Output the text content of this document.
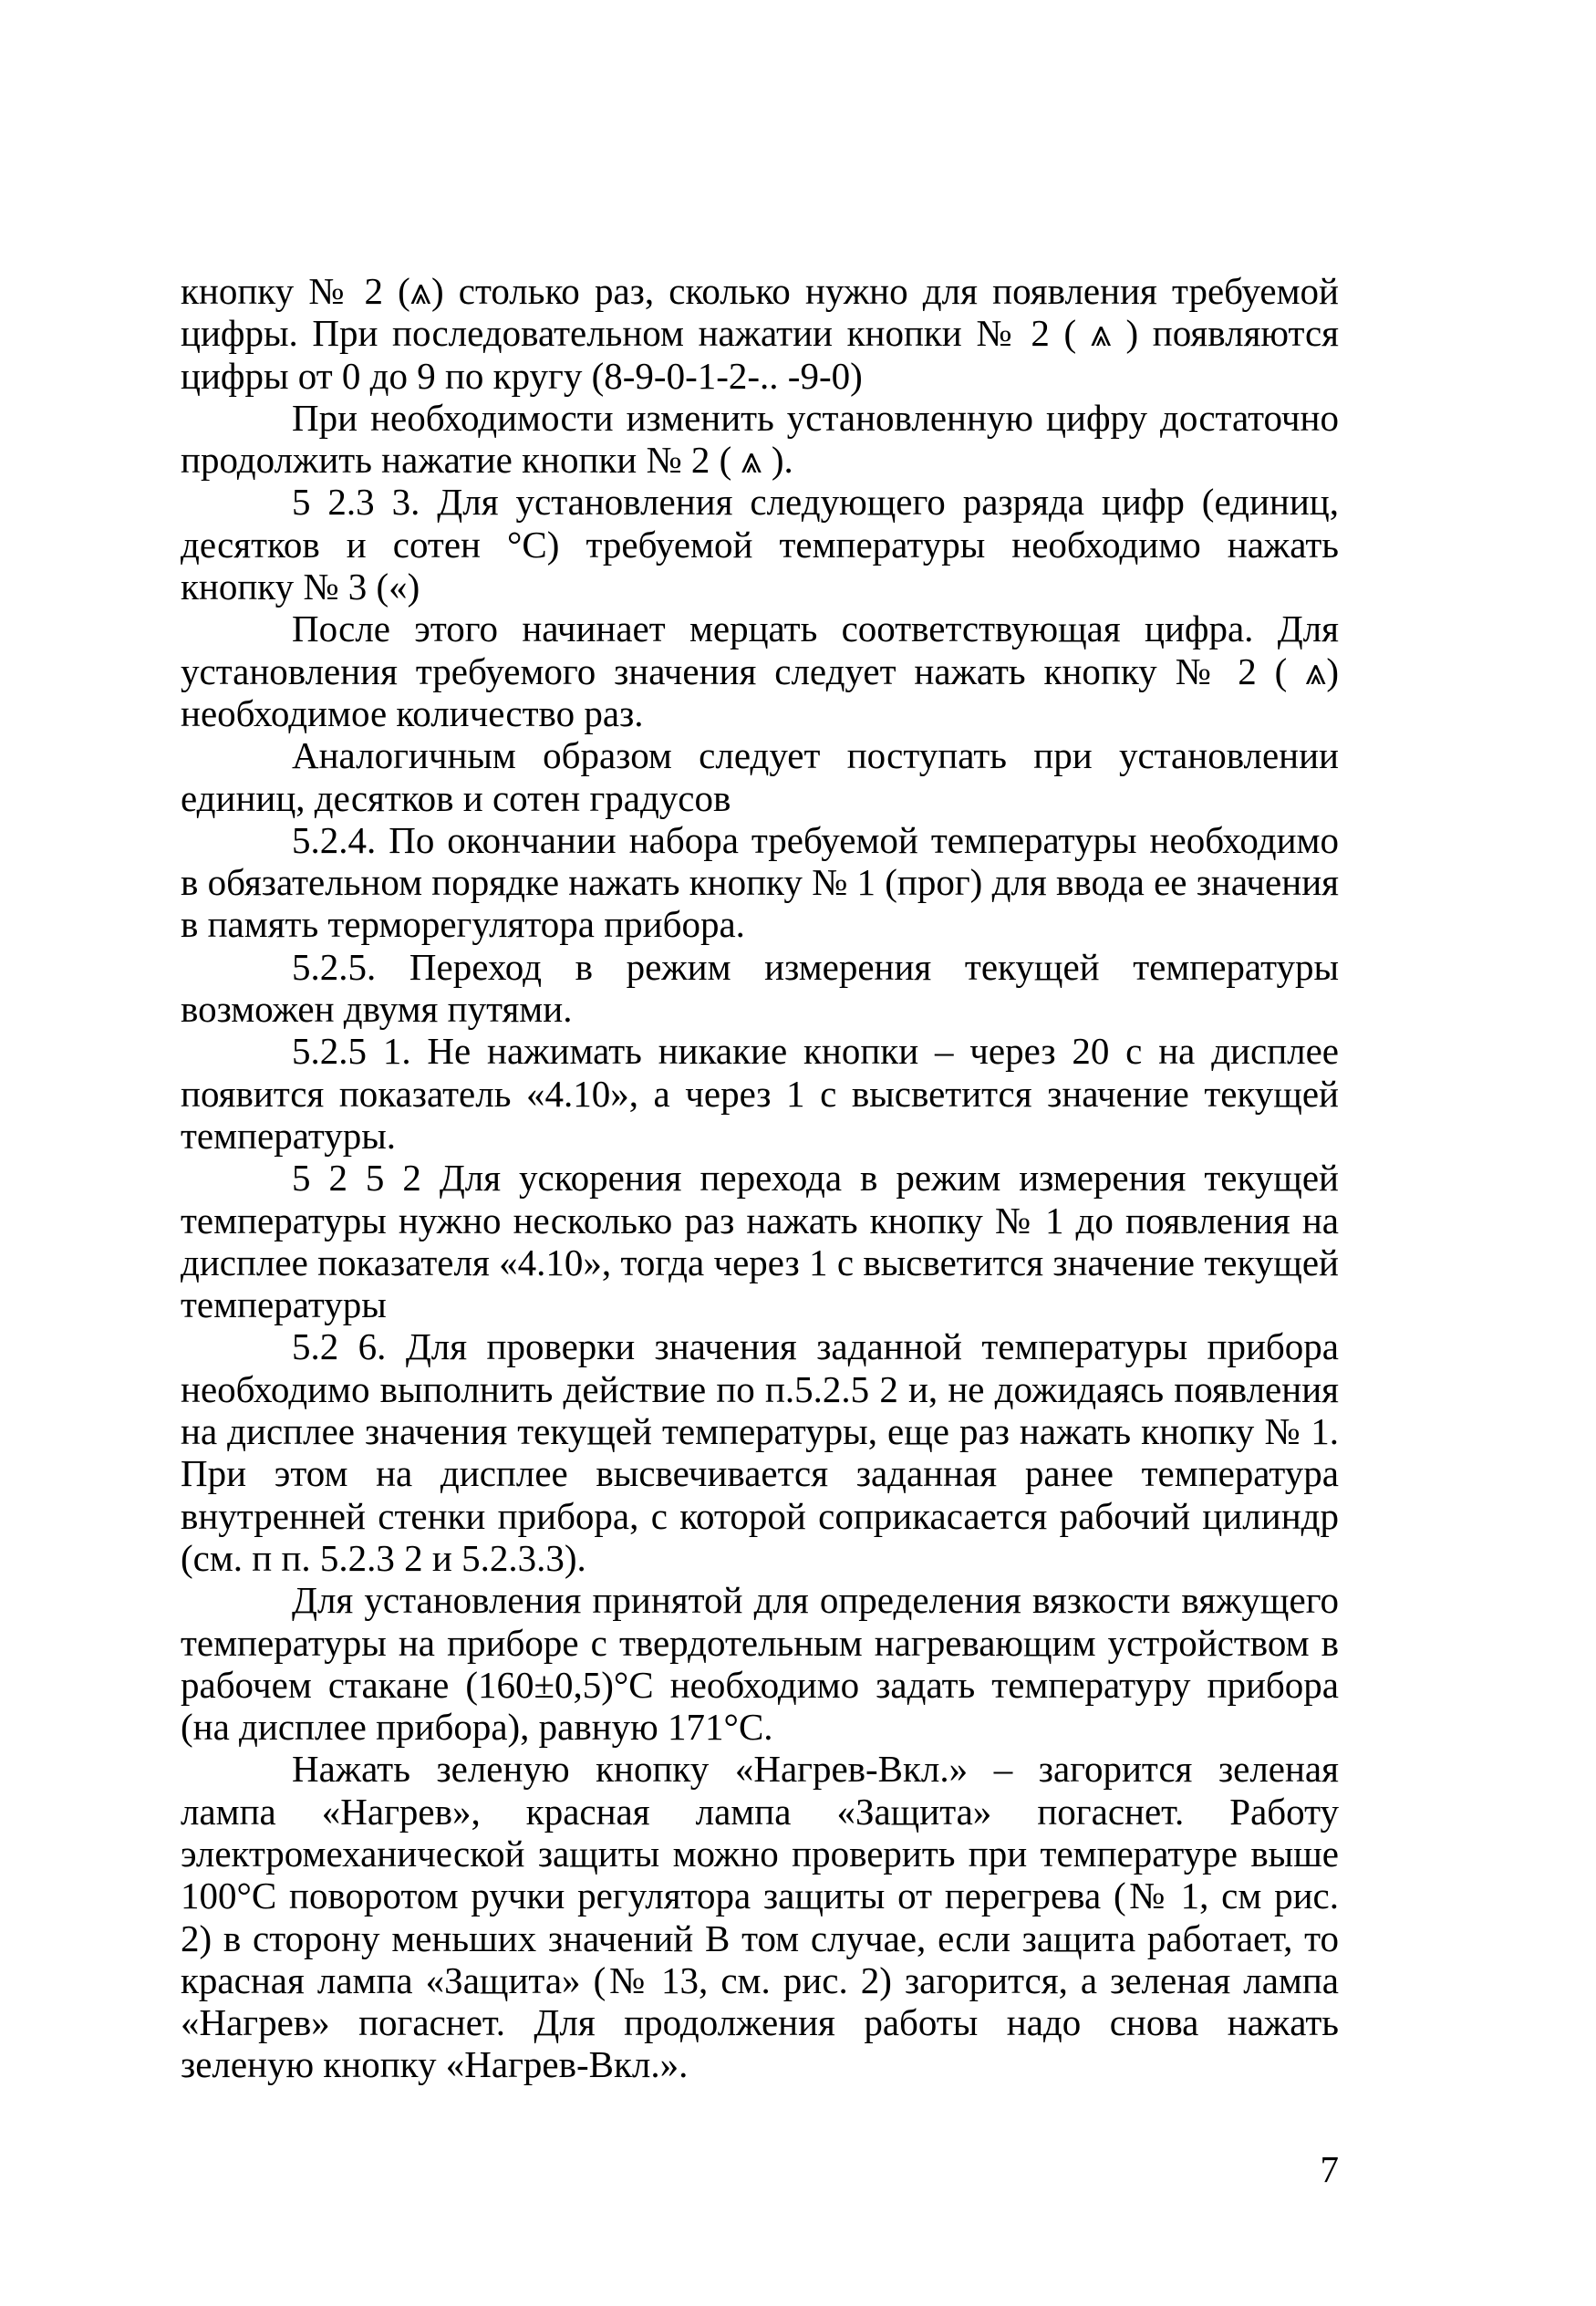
кнопку № 2 (⩓) столько раз, сколько нужно для появления требуемой цифры. При последовательном нажатии кнопки № 2 ( ⩓ ) появляются цифры от 0 до 9 по кругу (8-9-0-1-2-.. -9-0)

При необходимости изменить установленную цифру достаточно продолжить нажатие кнопки № 2 ( ⩓ ).

5 2.3 3. Для установления следующего разряда цифр (единиц, десятков и сотен °С) требуемой температуры необходимо нажать кнопку № 3 («)

После этого начинает мерцать соответствующая цифра. Для установления требуемого значения следует нажать кнопку № 2 ( ⩓) необходимое количество раз.

Аналогичным образом следует поступать при установлении единиц, десятков и сотен градусов

5.2.4. По окончании набора требуемой температуры необходимо в обязательном порядке нажать кнопку № 1 (прог) для ввода ее значения в память терморегулятора прибора.

5.2.5. Переход в режим измерения текущей температуры возможен двумя путями.

5.2.5 1. Не нажимать никакие кнопки – через 20 с на дисплее появится показатель «4.10», а через 1 с высветится значение текущей температуры.

5 2 5 2 Для ускорения перехода в режим измерения текущей температуры нужно несколько раз нажать кнопку № 1 до появления на дисплее показателя «4.10», тогда через 1 с высветится значение текущей температуры

5.2 6. Для проверки значения заданной температуры прибора необходимо выполнить действие по п.5.2.5 2 и, не дожидаясь появления на дисплее значения текущей температуры, еще раз нажать кнопку № 1. При этом на дисплее высвечивается заданная ранее температура внутренней стенки прибора, с которой соприкасается рабочий цилиндр (см. п п. 5.2.3 2 и 5.2.3.3).

Для установления принятой для определения вязкости вяжущего температуры на приборе с твердотельным нагревающим устройством в рабочем стакане (160±0,5)°С необходимо задать температуру прибора (на дисплее прибора), равную 171°С.

Нажать зеленую кнопку «Нагрев-Вкл.» – загорится зеленая лампа «Нагрев», красная лампа «Защита» погаснет. Работу электромеханической защиты можно проверить при температуре выше 100°С поворотом ручки регулятора защиты от перегрева (№ 1, см рис. 2) в сторону меньших значений В том случае, если защита работает, то красная лампа «Защита» (№ 13, см. рис. 2) загорится, а зеленая лампа «Нагрев» погаснет. Для продолжения работы надо снова нажать зеленую кнопку «Нагрев-Вкл.».

7
